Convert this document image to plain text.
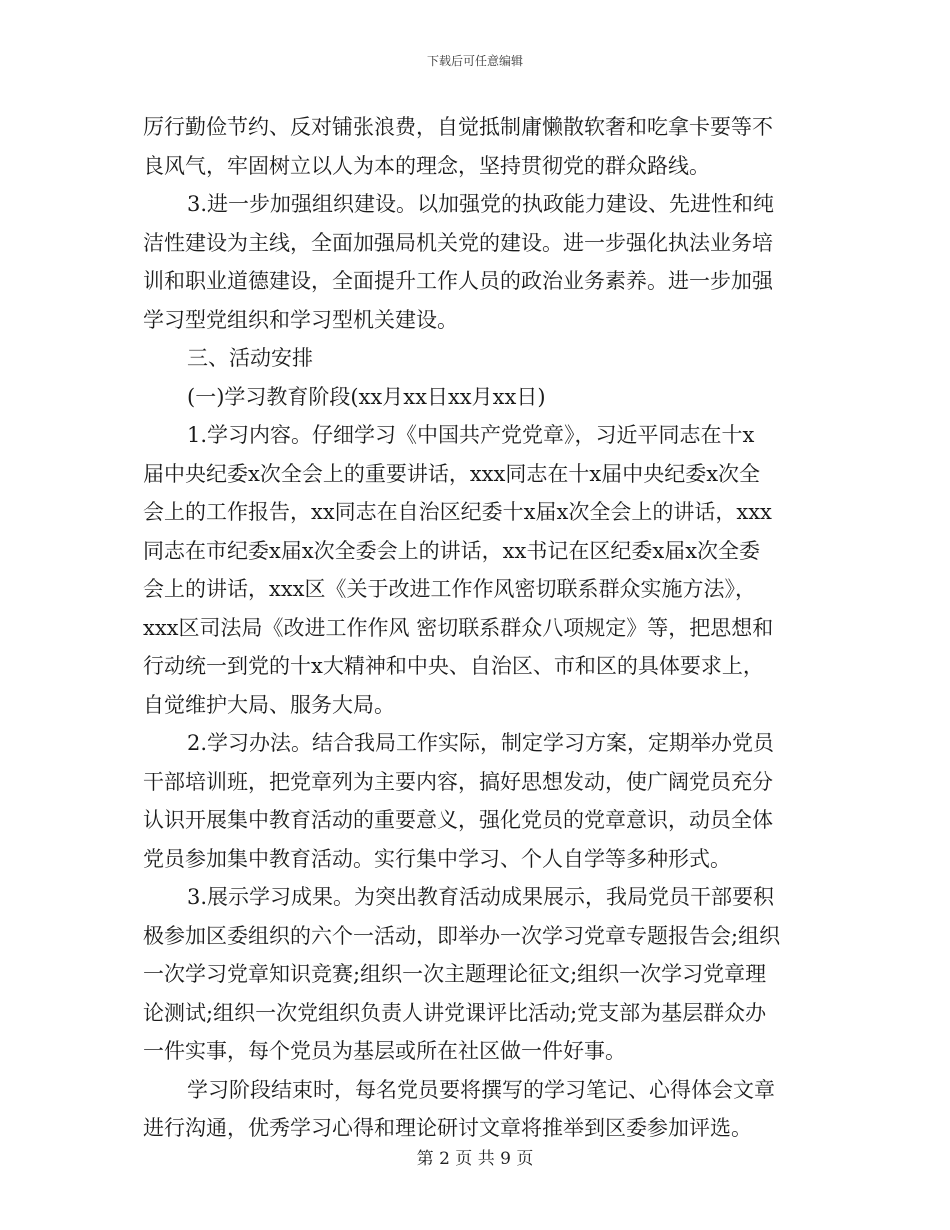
下载后可任意编辑
厉行勤俭节约、反对铺张浪费，自觉抵制庸懒散软奢和吃拿卡要等不
良风气，牢固树立以人为本的理念，坚持贯彻党的群众路线。
3.进一步加强组织建设。以加强党的执政能力建设、先进性和纯
洁性建设为主线，全面加强局机关党的建设。进一步强化执法业务培
训和职业道德建设，全面提升工作人员的政治业务素养。进一步加强
学习型党组织和学习型机关建设。
三、活动安排
(一)学习教育阶段(xx月xx日xx月xx日)
1.学习内容。仔细学习《中国共产党党章》，习近平同志在十x
届中央纪委x次全会上的重要讲话，xxx同志在十x届中央纪委x次全
会上的工作报告，xx同志在自治区纪委十x届x次全会上的讲话，xxx
同志在市纪委x届x次全委会上的讲话，xx书记在区纪委x届x次全委
会上的讲话，xxx区《关于改进工作作风密切联系群众实施方法》，
xxx区司法局《改进工作作风 密切联系群众八项规定》等，把思想和
行动统一到党的十x大精神和中央、自治区、市和区的具体要求上，
自觉维护大局、服务大局。
2.学习办法。结合我局工作实际，制定学习方案，定期举办党员
干部培训班，把党章列为主要内容，搞好思想发动，使广阔党员充分
认识开展集中教育活动的重要意义，强化党员的党章意识，动员全体
党员参加集中教育活动。实行集中学习、个人自学等多种形式。
3.展示学习成果。为突出教育活动成果展示，我局党员干部要积
极参加区委组织的六个一活动，即举办一次学习党章专题报告会;组织
一次学习党章知识竞赛;组织一次主题理论征文;组织一次学习党章理
论测试;组织一次党组织负责人讲党课评比活动;党支部为基层群众办
一件实事，每个党员为基层或所在社区做一件好事。
学习阶段结束时，每名党员要将撰写的学习笔记、心得体会文章
进行沟通，优秀学习心得和理论研讨文章将推举到区委参加评选。
第 2 页 共 9 页
